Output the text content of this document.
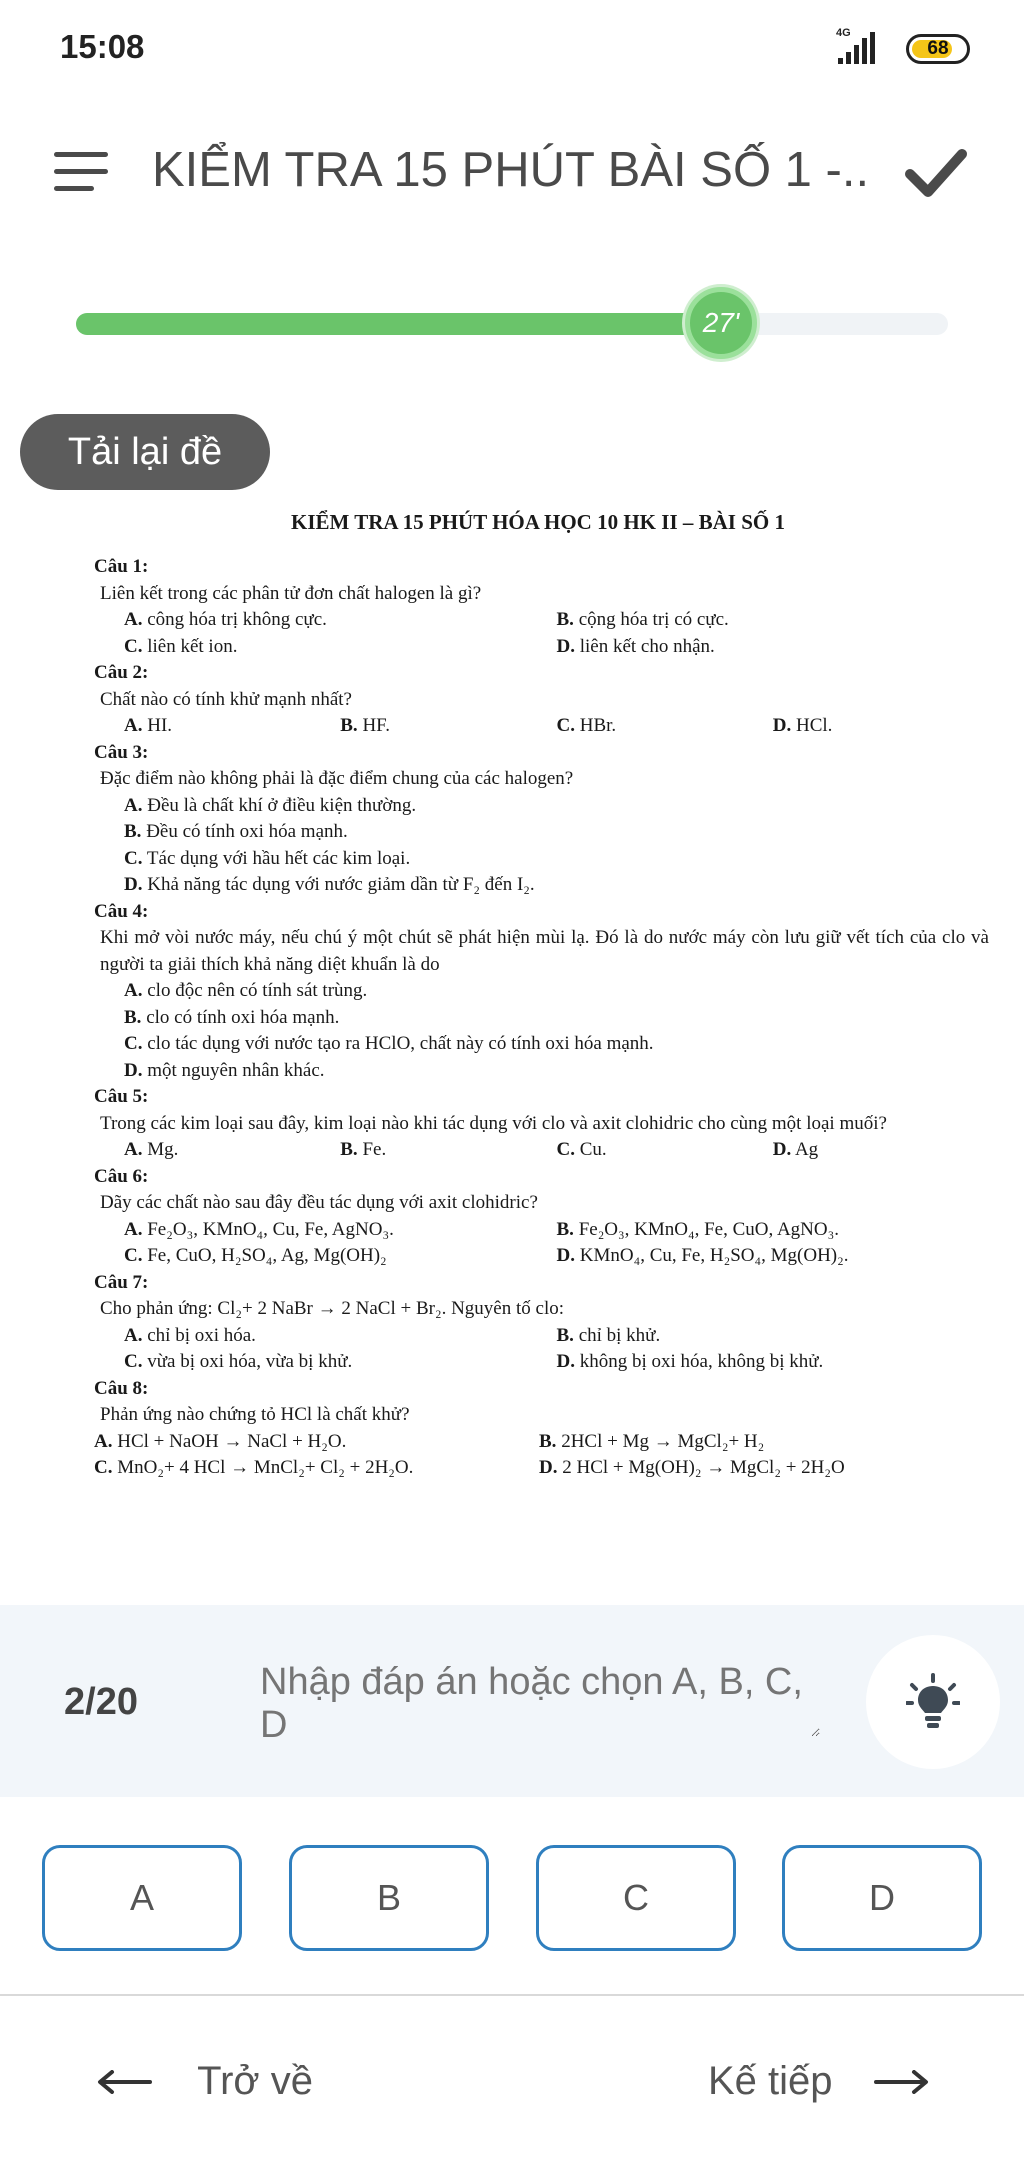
15:08	4G
68
KIỂM TRA 15 PHÚT BÀI SỐ 1 -..
27'
Tải lại đề
KIỂM TRA 15 PHÚT HÓA HỌC 10 HK II – BÀI SỐ 1
Câu 1:
Liên kết trong các phân tử đơn chất halogen là gì?
A. công hóa trị không cực.	B. cộng hóa trị có cực.
C. liên kết ion.	D. liên kết cho nhận.
Câu 2:
Chất nào có tính khử mạnh nhất?
A. HI.	B. HF.	C. HBr.	D. HCl.
Câu 3:
Đặc điểm nào không phải là đặc điểm chung của các halogen?
A. Đều là chất khí ở điều kiện thường.
B. Đều có tính oxi hóa mạnh.
C. Tác dụng với hầu hết các kim loại.
D. Khả năng tác dụng với nước giảm dần từ F₂ đến I₂.
Câu 4:
Khi mở vòi nước máy, nếu chú ý một chút sẽ phát hiện mùi lạ. Đó là do nước máy còn lưu giữ vết tích của clo và người ta giải thích khả năng diệt khuẩn là do
A. clo độc nên có tính sát trùng.
B. clo có tính oxi hóa mạnh.
C. clo tác dụng với nước tạo ra HClO, chất này có tính oxi hóa mạnh.
D. một nguyên nhân khác.
Câu 5:
Trong các kim loại sau đây, kim loại nào khi tác dụng với clo và axit clohidric cho cùng một loại muối?
A. Mg.	B. Fe.	C. Cu.	D. Ag
Câu 6:
Dãy các chất nào sau đây đều tác dụng với axit clohidric?
A. Fe₂O₃, KMnO₄, Cu, Fe, AgNO₃.	B. Fe₂O₃, KMnO₄, Fe, CuO, AgNO₃.
C. Fe, CuO, H₂SO₄, Ag, Mg(OH)₂	D. KMnO₄, Cu, Fe, H₂SO₄, Mg(OH)₂.
Câu 7:
Cho phản ứng: Cl₂+ 2 NaBr → 2 NaCl + Br₂. Nguyên tố clo:
A. chỉ bị oxi hóa.	B. chỉ bị khử.
C. vừa bị oxi hóa, vừa bị khử.	D. không bị oxi hóa, không bị khử.
Câu 8:
Phản ứng nào chứng tỏ HCl là chất khử?
A. HCl + NaOH → NaCl + H₂O.	B. 2HCl + Mg → MgCl₂+ H₂
C. MnO₂+ 4 HCl → MnCl₂+ Cl₂ + 2H₂O.	D. 2 HCl + Mg(OH)₂ → MgCl₂ + 2H₂O
2/20
Nhập đáp án hoặc chọn A, B, C, D
A	B	C	D
Trở về	Kế tiếp
